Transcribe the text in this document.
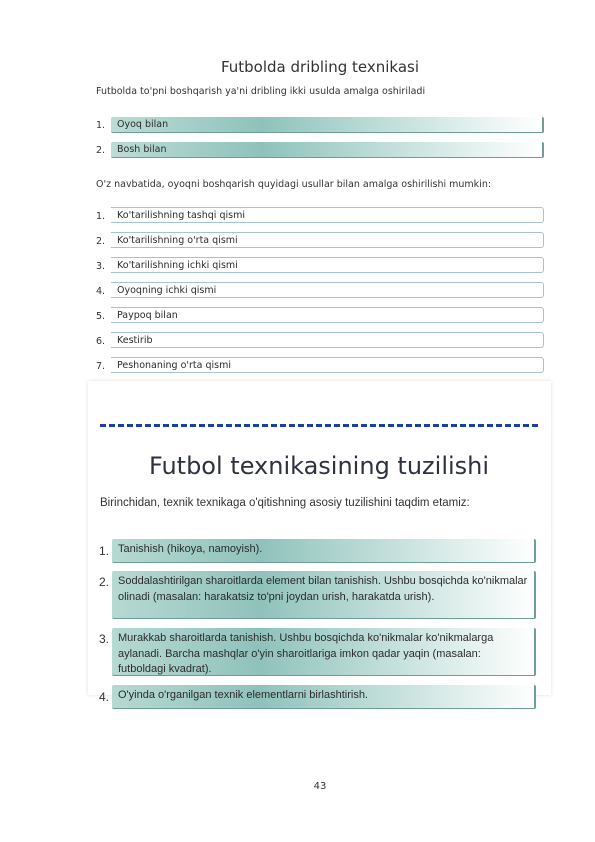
Futbolda dribling texnikasi
Futbolda to'pni boshqarish ya'ni dribling ikki usulda amalga oshiriladi
1.	Oyoq bilan
2.	Bosh bilan
O'z navbatida, oyoqni boshqarish quyidagi usullar bilan amalga oshirilishi mumkin:
1.	Ko'tarilishning tashqi qismi
2.	Ko'tarilishning o'rta qismi
3.	Ko'tarilishning ichki qismi
4.	Oyoqning ichki qismi
5.	Paypoq bilan
6.	Kestirib
7.	Peshonaning o'rta qismi
Futbol texnikasining tuzilishi
Birinchidan, texnik texnikaga o'qitishning asosiy tuzilishini taqdim etamiz:
1. Tanishish (hikoya, namoyish).
2. Soddalashtirilgan sharoitlarda element bilan tanishish. Ushbu bosqichda ko'nikmalar olinadi (masalan: harakatsiz to'pni joydan urish, harakatda urish).
3. Murakkab sharoitlarda tanishish. Ushbu bosqichda ko'nikmalar ko'nikmalarga aylanadi. Barcha mashqlar o'yin sharoitlariga imkon qadar yaqin (masalan: futboldagi kvadrat).
4. O'yinda o'rganilgan texnik elementlarni birlashtirish.
43
